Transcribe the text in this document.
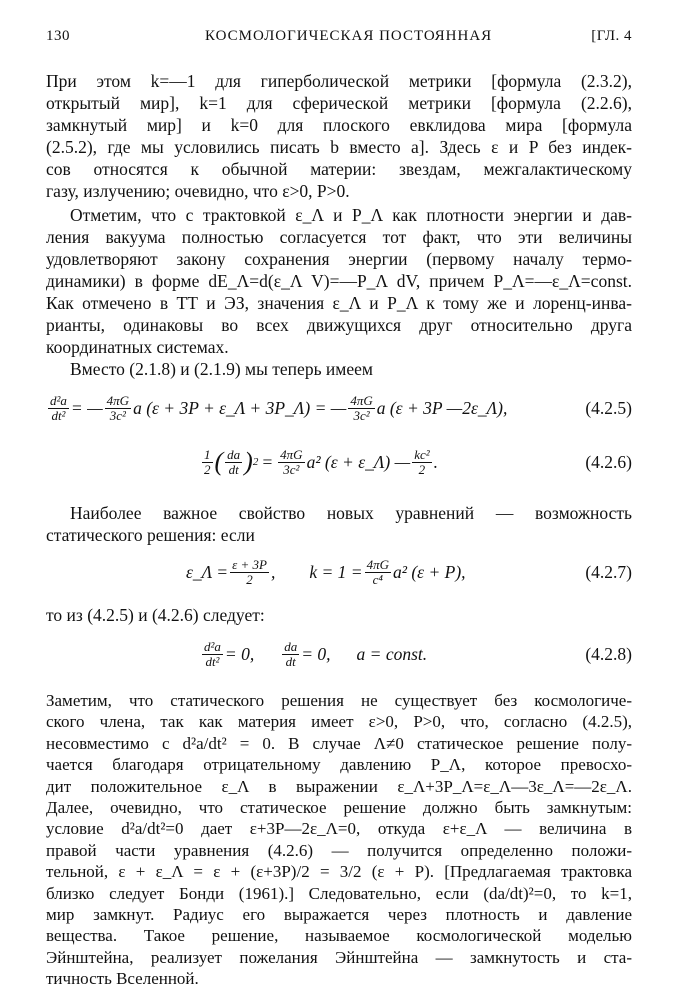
130	КОСМОЛОГИЧЕСКАЯ ПОСТОЯННАЯ	[ГЛ. 4
При этом k=—1 для гиперболической метрики [формула (2.3.2),
открытый мир], k=1 для сферической метрики [формула (2.2.6),
замкнутый мир] и k=0 для плоского евклидова мира [формула
(2.5.2), где мы условились писать b вместо a]. Здесь ε и P без индек-
сов относятся к обычной материи: звездам, межгалактическому
газу, излучению; очевидно, что ε>0, P>0.
Отметим, что с трактовкой ε_Λ и P_Λ как плотности энергии и дав-
ления вакуума полностью согласуется тот факт, что эти величины
удовлетворяют закону сохранения энергии (первому началу термо-
динамики) в форме dE_Λ=d(ε_Λ V)=—P_Λ dV, причем P_Λ=—ε_Λ=const.
Как отмечено в ТТ и ЭЗ, значения ε_Λ и P_Λ к тому же и лоренц-инва-
рианты, одинаковы во всех движущихся друг относительно друга
координатных системах.
Вместо (2.1.8) и (2.1.9) мы теперь имеем
$\frac{\text{d²a}}{\text{dt²}}$ = — $\frac{4\pi G}{\text{3c²}}$ a (ε + 3P + ε_Λ + 3P_Λ) = — $\frac{4\pi G}{\text{3c²}}$ a (ε + 3P —2ε_Λ),	(4.2.5)
$\frac{1}{2}$ ( $\frac{da}{dt}$ ) $2 = \frac{4\pi G}{\text{3c²}} a^2$ (ε + ε_Λ) — $\frac{\text{kc²}}{2}$ .	(4.2.6)
Наиболее важное свойство новых уравнений — возможность
статического решения: если
ε_Λ = $\frac{\varepsilon + 3P}{2}$ , $k = 1 = \frac{4\pi G}{\text{c⁴}} a^2$ (ε + P),	(4.2.7)
то из (4.2.5) и (4.2.6) следует:
$\frac{\text{d²a}}{\text{dt²}} = 0$, $\frac{da}{dt} = 0$, a = const.	(4.2.8)
Заметим, что статического решения не существует без космологиче-
ского члена, так как материя имеет ε>0, P>0, что, согласно (4.2.5),
несовместимо с d²a/dt² = 0. В случае Λ≠0 статическое решение полу-
чается благодаря отрицательному давлению P_Λ, которое превосхо-
дит положительное ε_Λ в выражении ε_Λ+3P_Λ=ε_Λ—3ε_Λ=—2ε_Λ.
Далее, очевидно, что статическое решение должно быть замкнутым:
условие d²a/dt²=0 дает ε+3P—2ε_Λ=0, откуда ε+ε_Λ — величина в
правой части уравнения (4.2.6) — получится определенно положи-
тельной, ε + ε_Λ = ε + (ε+3P)/2 = 3/2 (ε + P). [Предлагаемая трактовка
близко следует Бонди (1961).] Следовательно, если (da/dt)²=0, то k=1,
мир замкнут. Радиус его выражается через плотность и давление
вещества. Такое решение, называемое космологической моделью
Эйнштейна, реализует пожелания Эйнштейна — замкнутость и ста-
тичность Вселенной.
